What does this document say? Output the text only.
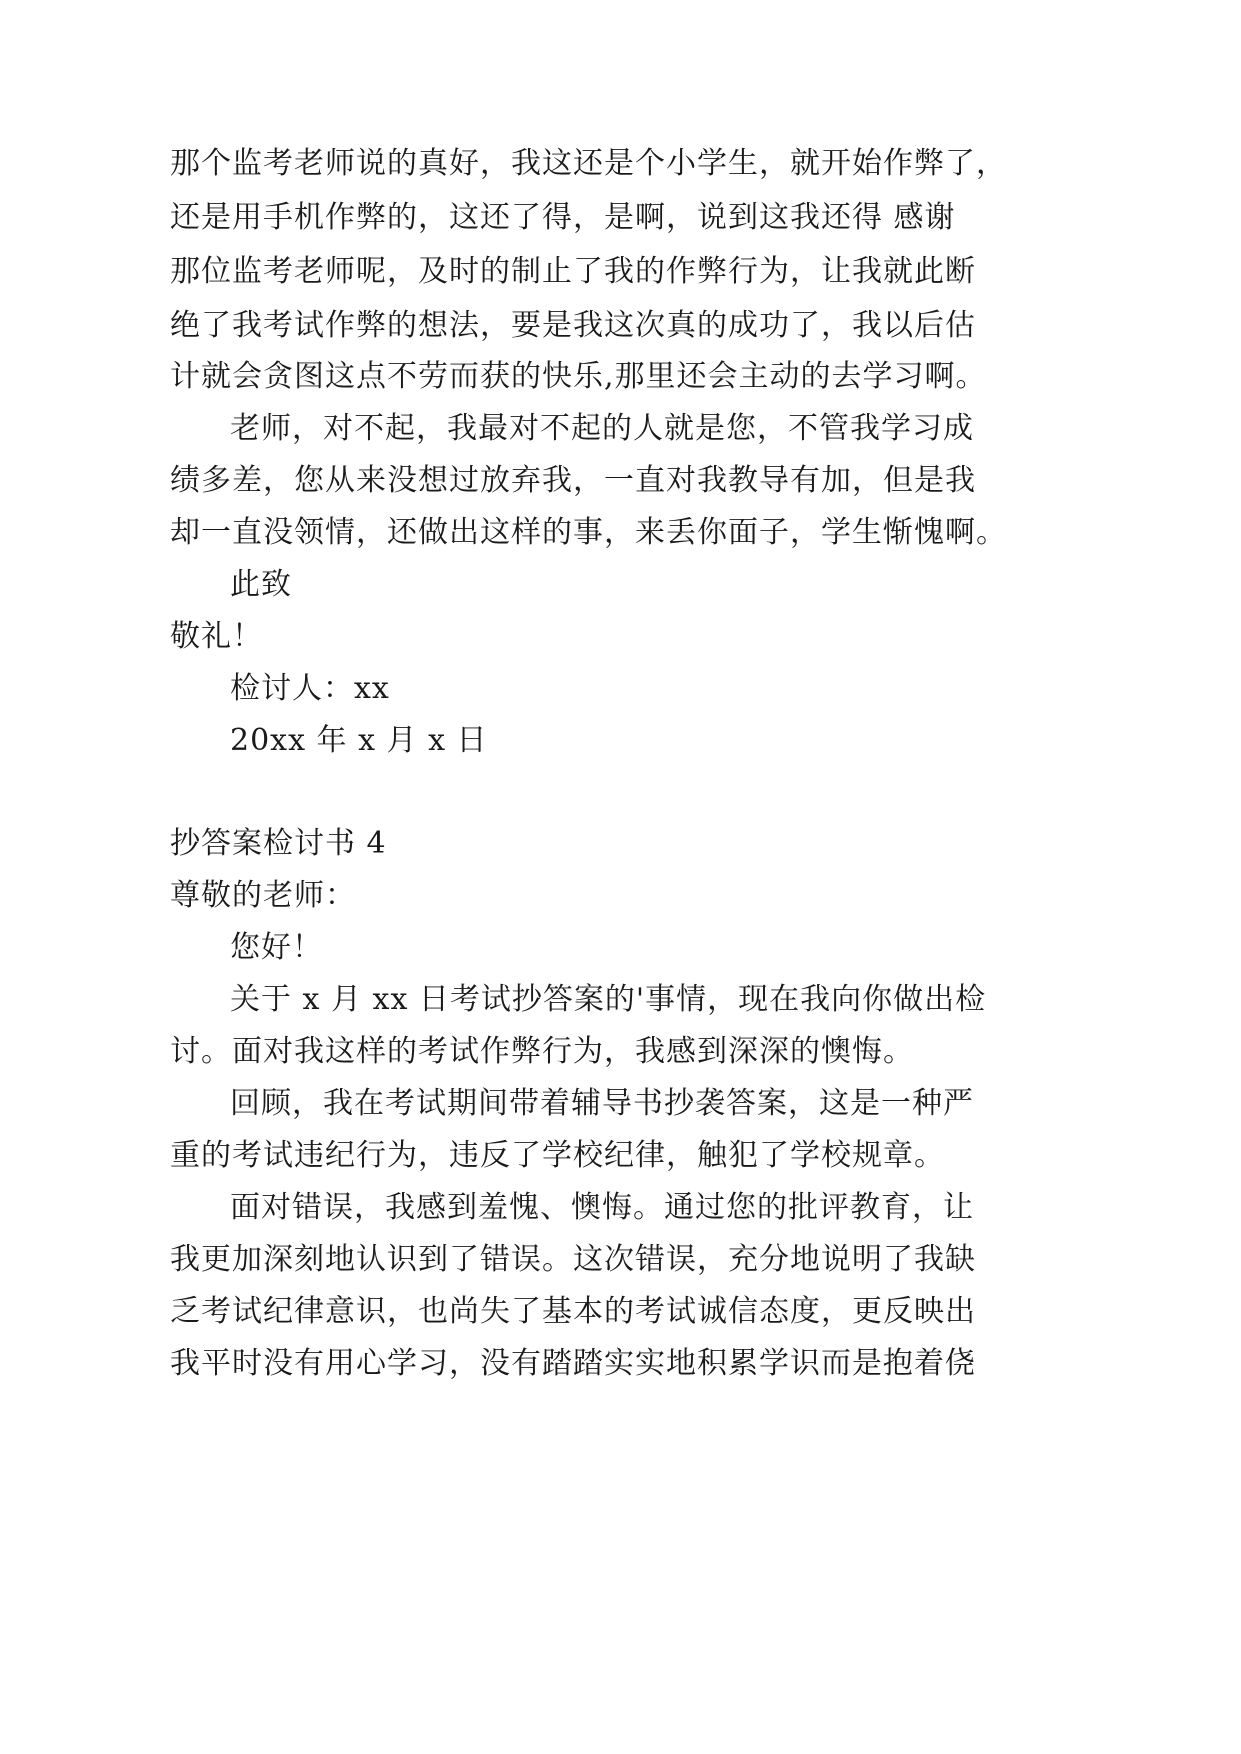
那个监考老师说的真好，我这还是个小学生，就开始作弊了，
还是用手机作弊的，这还了得，是啊，说到这我还得 感谢
那位监考老师呢，及时的制止了我的作弊行为，让我就此断
绝了我考试作弊的想法，要是我这次真的成功了，我以后估
计就会贪图这点不劳而获的快乐,那里还会主动的去学习啊。
老师，对不起，我最对不起的人就是您，不管我学习成
绩多差，您从来没想过放弃我，一直对我教导有加，但是我
却一直没领情，还做出这样的事，来丢你面子，学生惭愧啊。
此致
敬礼！
检讨人：xx
20xx 年 x 月 x 日
抄答案检讨书 4
尊敬的老师：
您好！
关于 x 月 xx 日考试抄答案的'事情，现在我向你做出检
讨。面对我这样的考试作弊行为，我感到深深的懊悔。
回顾，我在考试期间带着辅导书抄袭答案，这是一种严
重的考试违纪行为，违反了学校纪律，触犯了学校规章。
面对错误，我感到羞愧、懊悔。通过您的批评教育，让
我更加深刻地认识到了错误。这次错误，充分地说明了我缺
乏考试纪律意识，也尚失了基本的考试诚信态度，更反映出
我平时没有用心学习，没有踏踏实实地积累学识而是抱着侥
